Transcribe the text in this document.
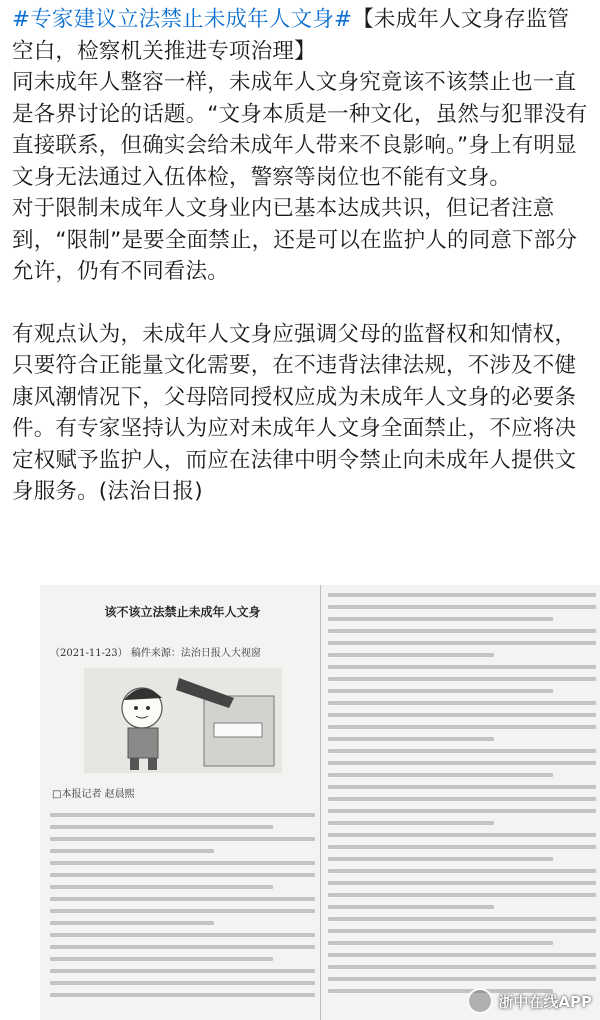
#专家建议立法禁止未成年人文身#【未成年人文身存监管空白，检察机关推进专项治理】

同未成年人整容一样，未成年人文身究竟该不该禁止也一直是各界讨论的话题。“文身本质是一种文化，虽然与犯罪没有直接联系，但确实会给未成年人带来不良影响。”身上有明显文身无法通过入伍体检，警察等岗位也不能有文身。

对于限制未成年人文身业内已基本达成共识，但记者注意到，“限制”是要全面禁止，还是可以在监护人的同意下部分允许，仍有不同看法。

有观点认为，未成年人文身应强调父母的监督权和知情权，只要符合正能量文化需要，在不违背法律法规，不涉及不健康风潮情况下，父母陪同授权应成为未成年人文身的必要条件。有专家坚持认为应对未成年人文身全面禁止，不应将决定权赋予监护人，而应在法律中明令禁止向未成年人提供文身服务。(法治日报)

该不该立法禁止未成年人文身
（2021-11-23） 稿件来源：法治日报人大视窗
□本报记者 赵晨熙
浙中在线APP
